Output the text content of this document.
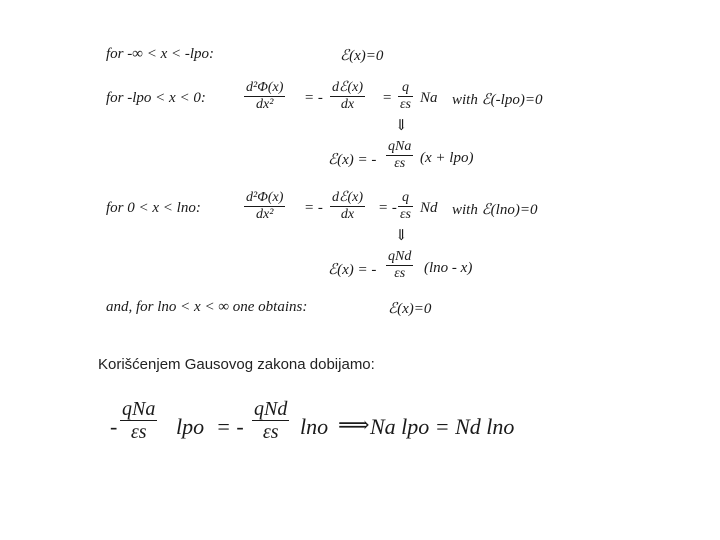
for -∞ < x < -lpo:	ℰ(x)=0
for -lpo < x < 0:	$\frac{\text{d²Φ(x)}}{\text{dx²}}$ = -
dℰ(x)
dx	= $\frac{q}{\varepsilon s}$ Na with ℰ(-lpo)=0
⇓
ℰ(x) = -
qNa
εs (x + lpo)
for 0 < x < lno:	$\frac{\text{d²Φ(x)}}{\text{dx²}}$ = -
dℰ(x)
dx	= - $\frac{q}{\varepsilon s}$ Nd with ℰ(lno)=0
⇓
ℰ(x) = -
qNd
εs	(lno - x)
and, for lno < x < ∞ one obtains:	ℰ(x)=0
Korišćenjem Gausovog zakona dobijamo:
-
qNa
εs	lpo = -
qNd
εs lno ⟹ Na lpo = Nd lno
